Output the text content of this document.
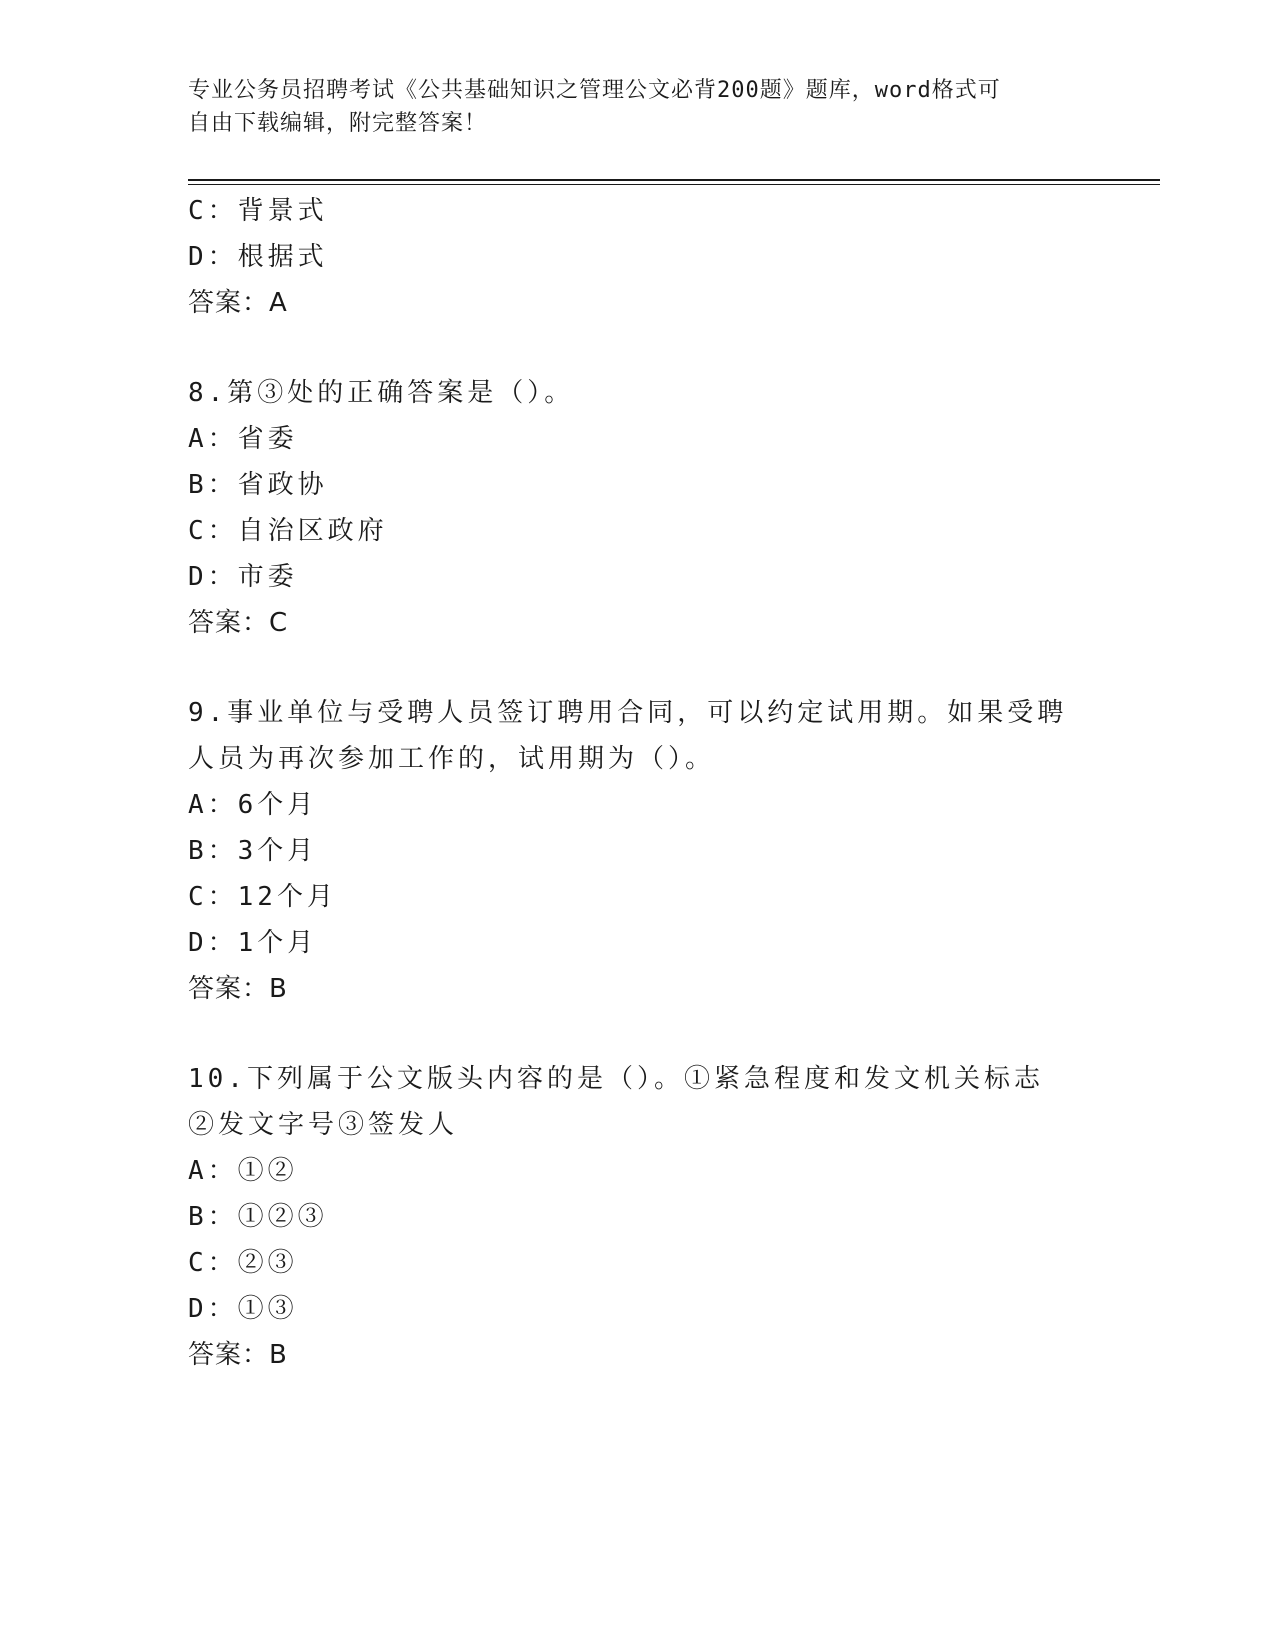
专业公务员招聘考试《公共基础知识之管理公文必背200题》题库，word格式可
自由下载编辑，附完整答案！
C：背景式
D：根据式
答案：A
8.第③处的正确答案是（）。
A：省委
B：省政协
C：自治区政府
D：市委
答案：C
9.事业单位与受聘人员签订聘用合同，可以约定试用期。如果受聘人员为再次参加工作的，试用期为（）。
A：6个月
B：3个月
C：12个月
D：1个月
答案：B
10.下列属于公文版头内容的是（）。①紧急程度和发文机关标志②发文字号③签发人
A：①②
B：①②③
C：②③
D：①③
答案：B
